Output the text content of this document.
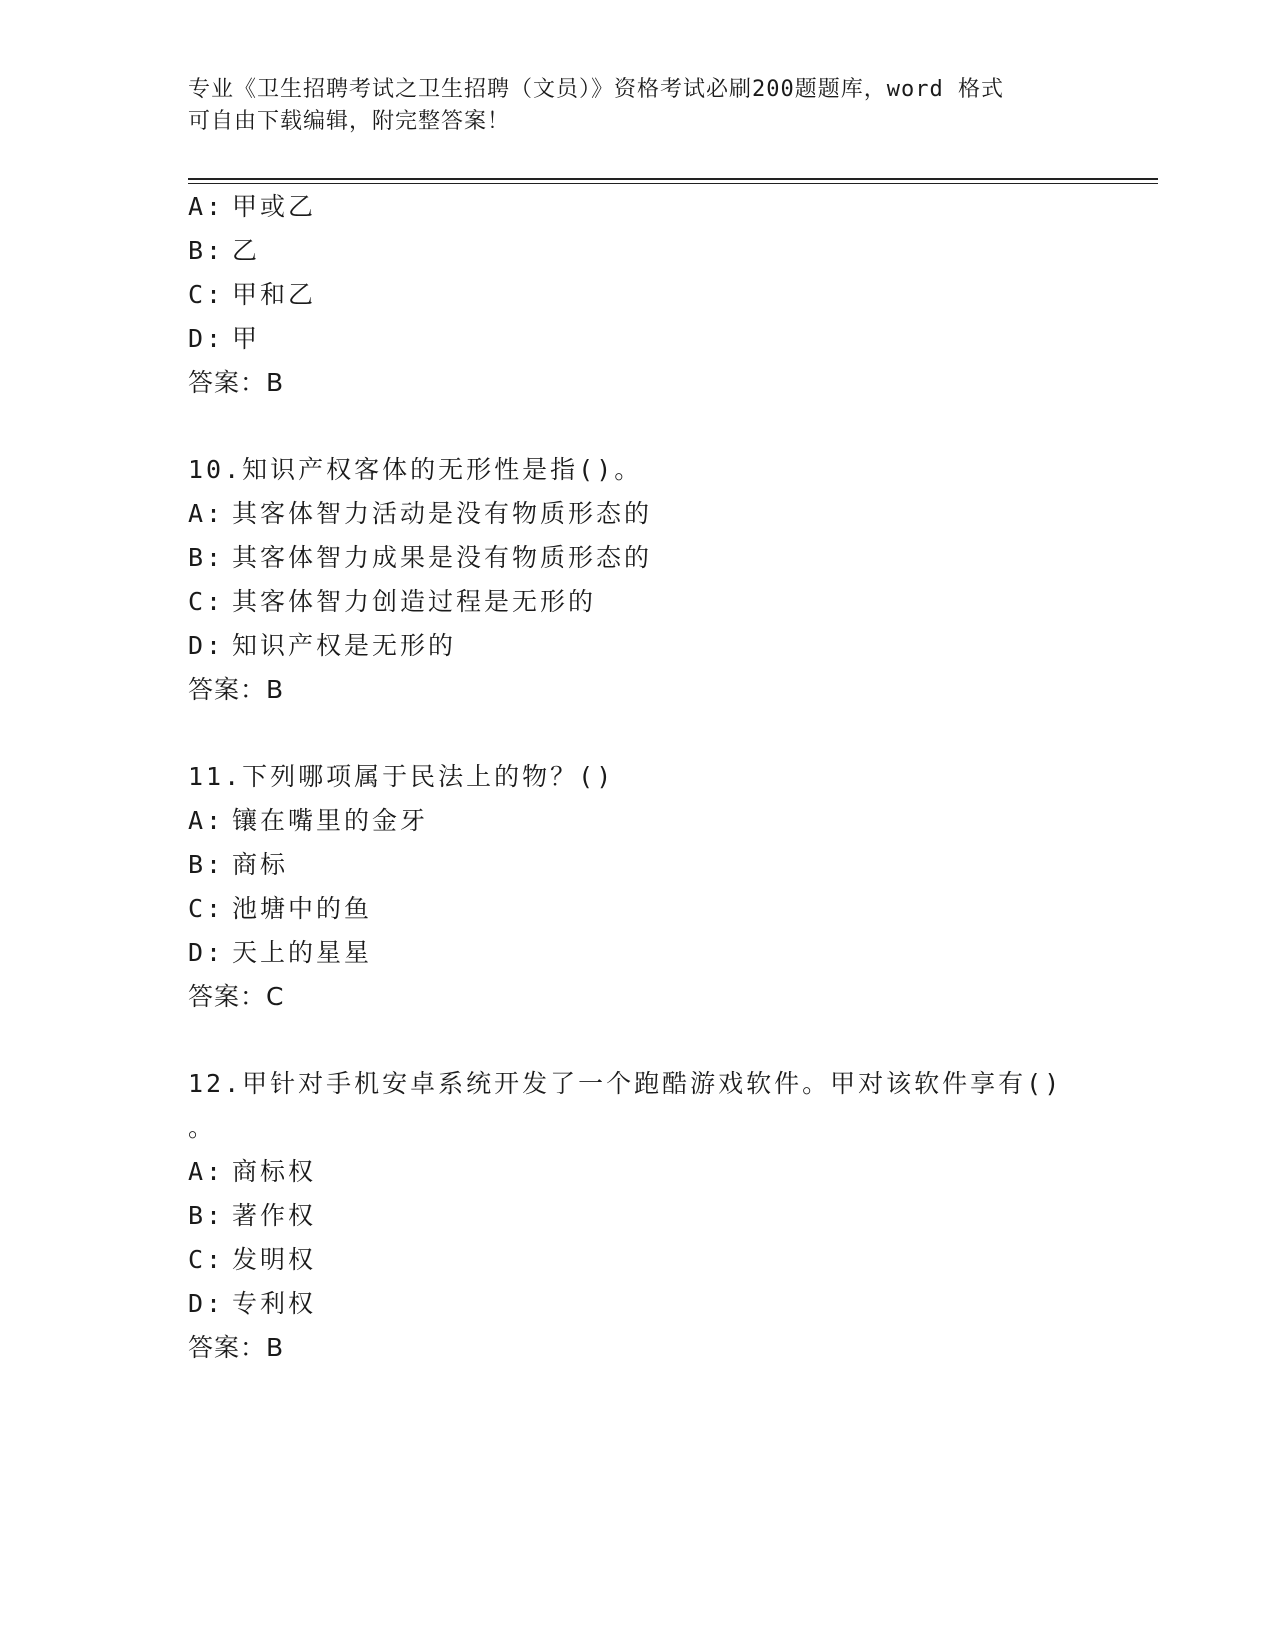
专业《卫生招聘考试之卫生招聘（文员）》资格考试必刷200题题库，word 格式
可自由下载编辑，附完整答案！
A: 甲或乙
B: 乙
C: 甲和乙
D: 甲
答案：B
10.知识产权客体的无形性是指()。
A: 其客体智力活动是没有物质形态的
B: 其客体智力成果是没有物质形态的
C: 其客体智力创造过程是无形的
D: 知识产权是无形的
答案：B
11.下列哪项属于民法上的物？()
A: 镶在嘴里的金牙
B: 商标
C: 池塘中的鱼
D: 天上的星星
答案：C
12.甲针对手机安卓系统开发了一个跑酷游戏软件。甲对该软件享有()
。
A: 商标权
B: 著作权
C: 发明权
D: 专利权
答案：B
